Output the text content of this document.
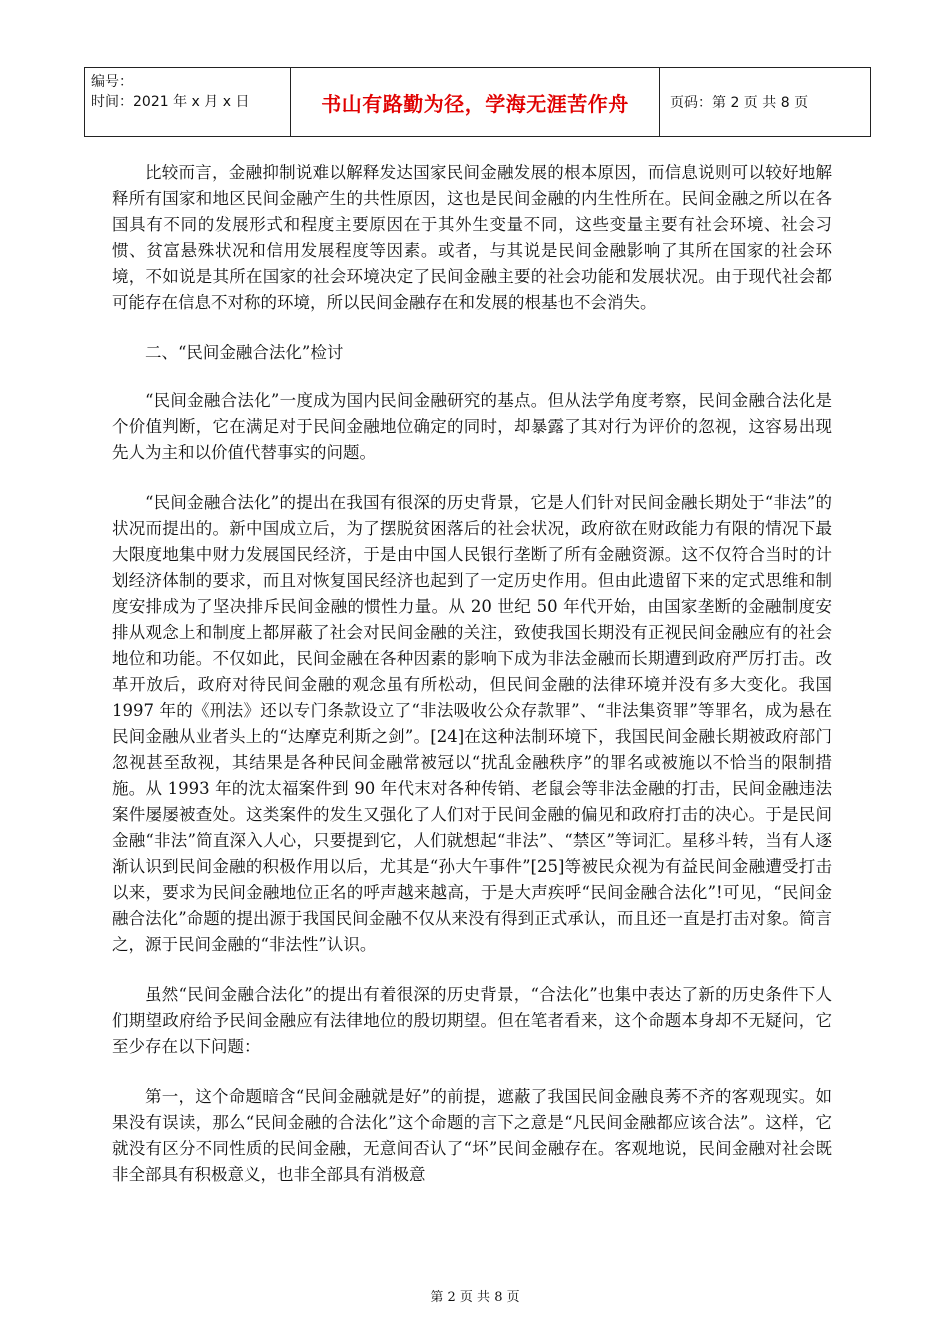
编号：
时间：2021 年 x 月 x 日	书山有路勤为径，学海无涯苦作舟	页码：第 2 页 共 8 页

比较而言，金融抑制说难以解释发达国家民间金融发展的根本原因，而信息说则可以较好地解释所有国家和地区民间金融产生的共性原因，这也是民间金融的内生性所在。民间金融之所以在各国具有不同的发展形式和程度主要原因在于其外生变量不同，这些变量主要有社会环境、社会习惯、贫富悬殊状况和信用发展程度等因素。或者，与其说是民间金融影响了其所在国家的社会环境，不如说是其所在国家的社会环境决定了民间金融主要的社会功能和发展状况。由于现代社会都可能存在信息不对称的环境，所以民间金融存在和发展的根基也不会消失。

二、“民间金融合法化”检讨

“民间金融合法化”一度成为国内民间金融研究的基点。但从法学角度考察，民间金融合法化是个价值判断，它在满足对于民间金融地位确定的同时，却暴露了其对行为评价的忽视，这容易出现先人为主和以价值代替事实的问题。

“民间金融合法化”的提出在我国有很深的历史背景，它是人们针对民间金融长期处于“非法”的状况而提出的。新中国成立后，为了摆脱贫困落后的社会状况，政府欲在财政能力有限的情况下最大限度地集中财力发展国民经济，于是由中国人民银行垄断了所有金融资源。这不仅符合当时的计划经济体制的要求，而且对恢复国民经济也起到了一定历史作用。但由此遗留下来的定式思维和制度安排成为了坚决排斥民间金融的惯性力量。从 20 世纪 50 年代开始，由国家垄断的金融制度安排从观念上和制度上都屏蔽了社会对民间金融的关注，致使我国长期没有正视民间金融应有的社会地位和功能。不仅如此，民间金融在各种因素的影响下成为非法金融而长期遭到政府严厉打击。改革开放后，政府对待民间金融的观念虽有所松动，但民间金融的法律环境并没有多大变化。我国 1997 年的《刑法》还以专门条款设立了“非法吸收公众存款罪”、“非法集资罪”等罪名，成为悬在民间金融从业者头上的“达摩克利斯之剑”。[24]在这种法制环境下，我国民间金融长期被政府部门忽视甚至敌视，其结果是各种民间金融常被冠以“扰乱金融秩序”的罪名或被施以不恰当的限制措施。从 1993 年的沈太福案件到 90 年代末对各种传销、老鼠会等非法金融的打击，民间金融违法案件屡屡被查处。这类案件的发生又强化了人们对于民间金融的偏见和政府打击的决心。于是民间金融“非法”简直深入人心，只要提到它，人们就想起“非法”、“禁区”等词汇。星移斗转，当有人逐渐认识到民间金融的积极作用以后，尤其是“孙大午事件”[25]等被民众视为有益民间金融遭受打击以来，要求为民间金融地位正名的呼声越来越高，于是大声疾呼“民间金融合法化”!可见，“民间金融合法化”命题的提出源于我国民间金融不仅从来没有得到正式承认，而且还一直是打击对象。简言之，源于民间金融的“非法性”认识。

虽然“民间金融合法化”的提出有着很深的历史背景，“合法化”也集中表达了新的历史条件下人们期望政府给予民间金融应有法律地位的殷切期望。但在笔者看来，这个命题本身却不无疑问，它至少存在以下问题：

第一，这个命题暗含“民间金融就是好”的前提，遮蔽了我国民间金融良莠不齐的客观现实。如果没有误读，那么“民间金融的合法化”这个命题的言下之意是“凡民间金融都应该合法”。这样，它就没有区分不同性质的民间金融，无意间否认了“坏”民间金融存在。客观地说，民间金融对社会既非全部具有积极意义，也非全部具有消极意

第 2 页 共 8 页
